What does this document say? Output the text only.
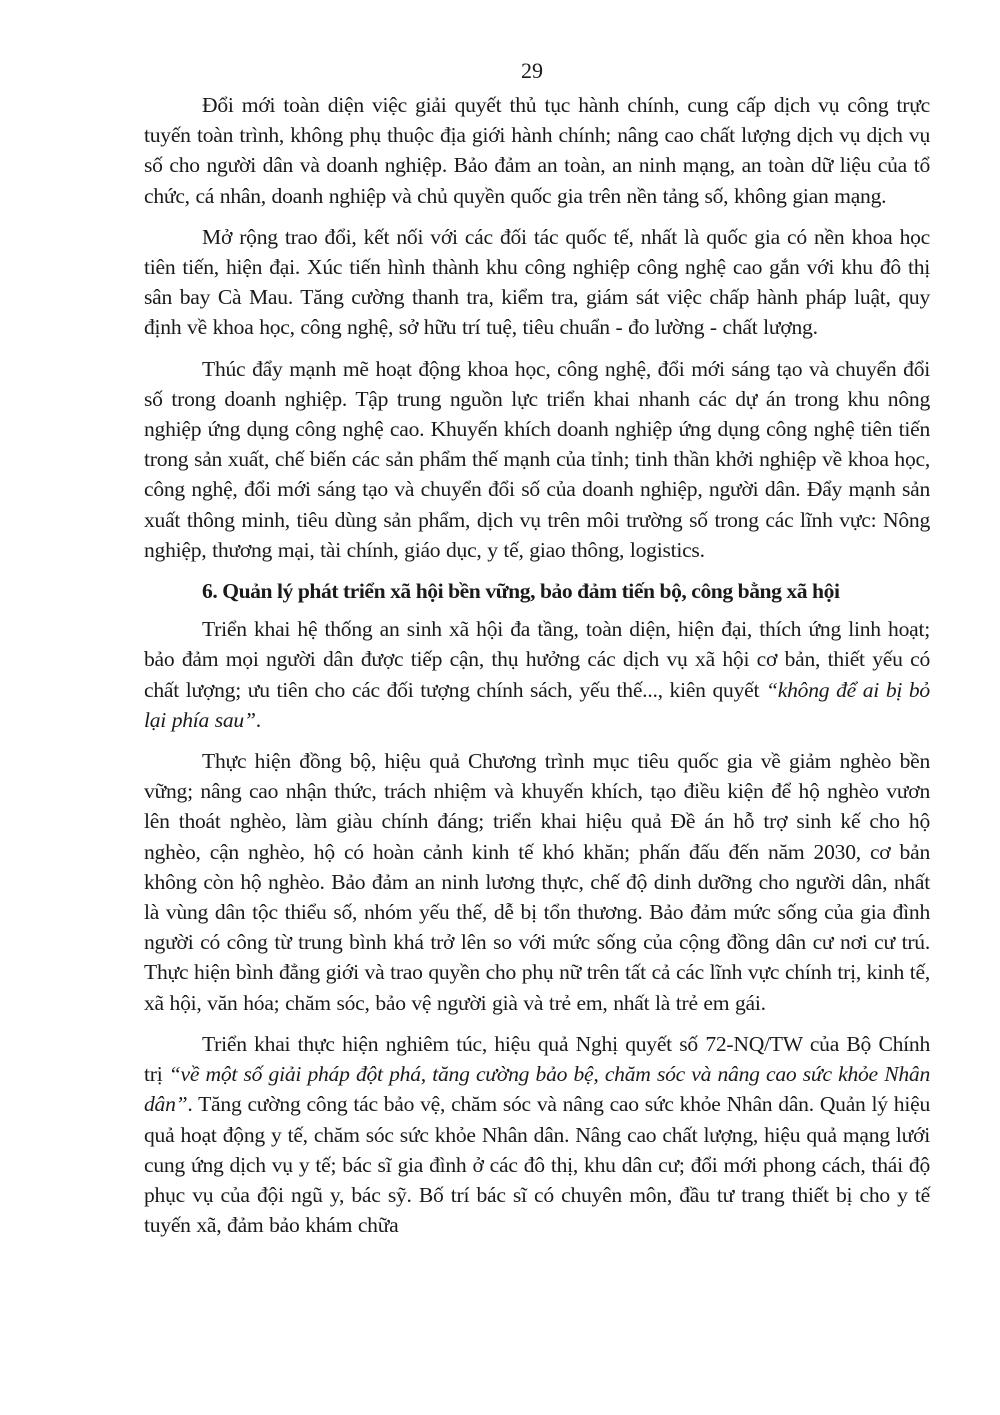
29

Đổi mới toàn diện việc giải quyết thủ tục hành chính, cung cấp dịch vụ công trực tuyến toàn trình, không phụ thuộc địa giới hành chính; nâng cao chất lượng dịch vụ dịch vụ số cho người dân và doanh nghiệp. Bảo đảm an toàn, an ninh mạng, an toàn dữ liệu của tổ chức, cá nhân, doanh nghiệp và chủ quyền quốc gia trên nền tảng số, không gian mạng.

Mở rộng trao đổi, kết nối với các đối tác quốc tế, nhất là quốc gia có nền khoa học tiên tiến, hiện đại. Xúc tiến hình thành khu công nghiệp công nghệ cao gắn với khu đô thị sân bay Cà Mau. Tăng cường thanh tra, kiểm tra, giám sát việc chấp hành pháp luật, quy định về khoa học, công nghệ, sở hữu trí tuệ, tiêu chuẩn - đo lường - chất lượng.

Thúc đẩy mạnh mẽ hoạt động khoa học, công nghệ, đổi mới sáng tạo và chuyển đổi số trong doanh nghiệp. Tập trung nguồn lực triển khai nhanh các dự án trong khu nông nghiệp ứng dụng công nghệ cao. Khuyến khích doanh nghiệp ứng dụng công nghệ tiên tiến trong sản xuất, chế biến các sản phẩm thế mạnh của tỉnh; tinh thần khởi nghiệp về khoa học, công nghệ, đổi mới sáng tạo và chuyển đổi số của doanh nghiệp, người dân. Đẩy mạnh sản xuất thông minh, tiêu dùng sản phẩm, dịch vụ trên môi trường số trong các lĩnh vực: Nông nghiệp, thương mại, tài chính, giáo dục, y tế, giao thông, logistics.

6. Quản lý phát triển xã hội bền vững, bảo đảm tiến bộ, công bằng xã hội

Triển khai hệ thống an sinh xã hội đa tầng, toàn diện, hiện đại, thích ứng linh hoạt; bảo đảm mọi người dân được tiếp cận, thụ hưởng các dịch vụ xã hội cơ bản, thiết yếu có chất lượng; ưu tiên cho các đối tượng chính sách, yếu thế..., kiên quyết “không để ai bị bỏ lại phía sau”.

Thực hiện đồng bộ, hiệu quả Chương trình mục tiêu quốc gia về giảm nghèo bền vững; nâng cao nhận thức, trách nhiệm và khuyến khích, tạo điều kiện để hộ nghèo vươn lên thoát nghèo, làm giàu chính đáng; triển khai hiệu quả Đề án hỗ trợ sinh kế cho hộ nghèo, cận nghèo, hộ có hoàn cảnh kinh tế khó khăn; phấn đấu đến năm 2030, cơ bản không còn hộ nghèo. Bảo đảm an ninh lương thực, chế độ dinh dưỡng cho người dân, nhất là vùng dân tộc thiểu số, nhóm yếu thế, dễ bị tổn thương. Bảo đảm mức sống của gia đình người có công từ trung bình khá trở lên so với mức sống của cộng đồng dân cư nơi cư trú. Thực hiện bình đẳng giới và trao quyền cho phụ nữ trên tất cả các lĩnh vực chính trị, kinh tế, xã hội, văn hóa; chăm sóc, bảo vệ người già và trẻ em, nhất là trẻ em gái.

Triển khai thực hiện nghiêm túc, hiệu quả Nghị quyết số 72-NQ/TW của Bộ Chính trị “về một số giải pháp đột phá, tăng cường bảo bệ, chăm sóc và nâng cao sức khỏe Nhân dân”. Tăng cường công tác bảo vệ, chăm sóc và nâng cao sức khỏe Nhân dân. Quản lý hiệu quả hoạt động y tế, chăm sóc sức khỏe Nhân dân. Nâng cao chất lượng, hiệu quả mạng lưới cung ứng dịch vụ y tế; bác sĩ gia đình ở các đô thị, khu dân cư; đổi mới phong cách, thái độ phục vụ của đội ngũ y, bác sỹ. Bố trí bác sĩ có chuyên môn, đầu tư trang thiết bị cho y tế tuyến xã, đảm bảo khám chữa
